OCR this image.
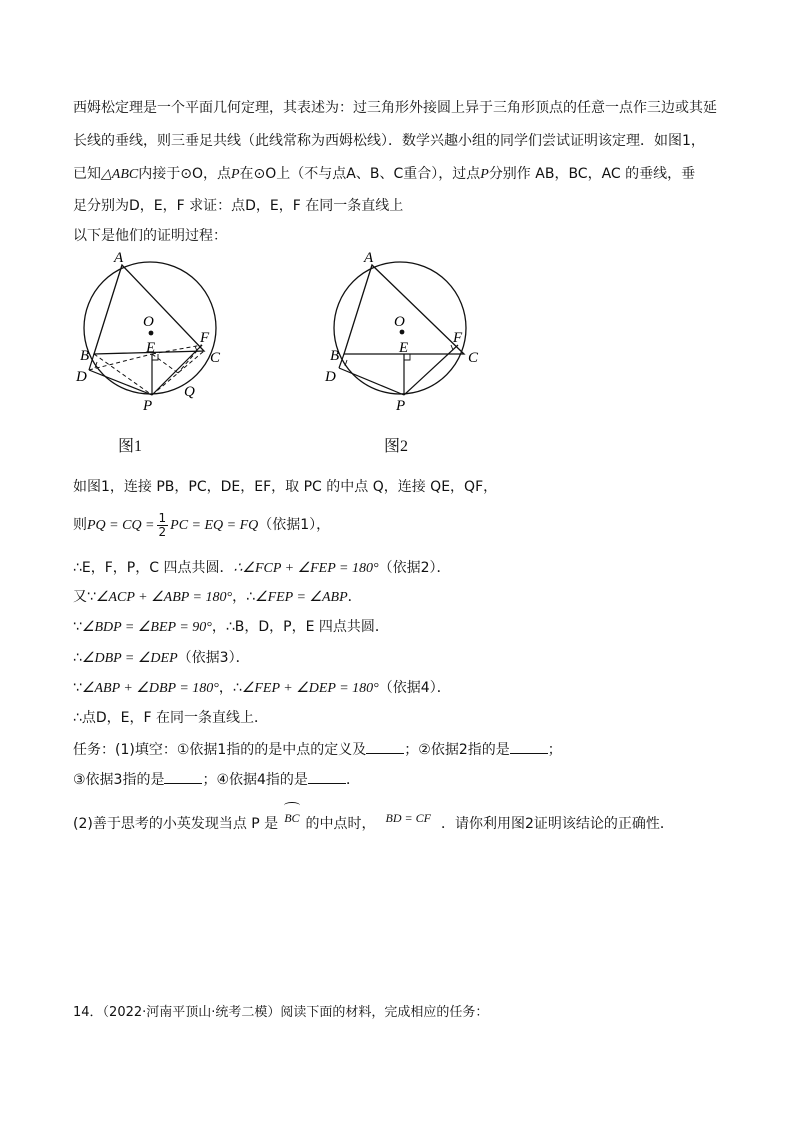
西姆松定理是一个平面几何定理，其表述为：过三角形外接圆上异于三角形顶点的任意一点作三边或其延
长线的垂线，则三垂足共线（此线常称为西姆松线）．数学兴趣小组的同学们尝试证明该定理．如图1，
已知△ABC内接于⊙O，点P在⊙O上（不与点A、B、C重合），过点P分别作 AB，BC，AC 的垂线，垂
足分别为D，E，F 求证：点D，E，F 在同一条直线上
以下是他们的证明过程：
A
O
B
D
E
F
C
P
Q
图1
A
O
B
D
E
F
C
P
图2
如图1，连接 PB，PC，DE，EF，取 PC 的中点 Q，连接 QE，QF，
则PQ = CQ = $\frac{1}{2}$ PC = EQ = FQ（依据1），
∴E，F，P，C 四点共圆．∴∠FCP + ∠FEP = 180°（依据2）．
又∵∠ACP + ∠ABP = 180°，∴∠FEP = ∠ABP．
∵∠BDP = ∠BEP = 90°，∴B，D，P，E 四点共圆．
∴∠DBP = ∠DEP（依据3）．
∵∠ABP + ∠DBP = 180°，∴∠FEP + ∠DEP = 180°（依据4）．
∴点D，E，F 在同一条直线上．
任务：(1)填空：①依据1指的的是中点的定义及	；②依据2指的是	；
③依据3指的是	；④依据4指的是	．
(2)善于思考的小英发现当点 P 是 BC 的中点时， BD = CF ．请你利用图2证明该结论的正确性．
14．（2022·河南平顶山·统考二模）阅读下面的材料，完成相应的任务：
